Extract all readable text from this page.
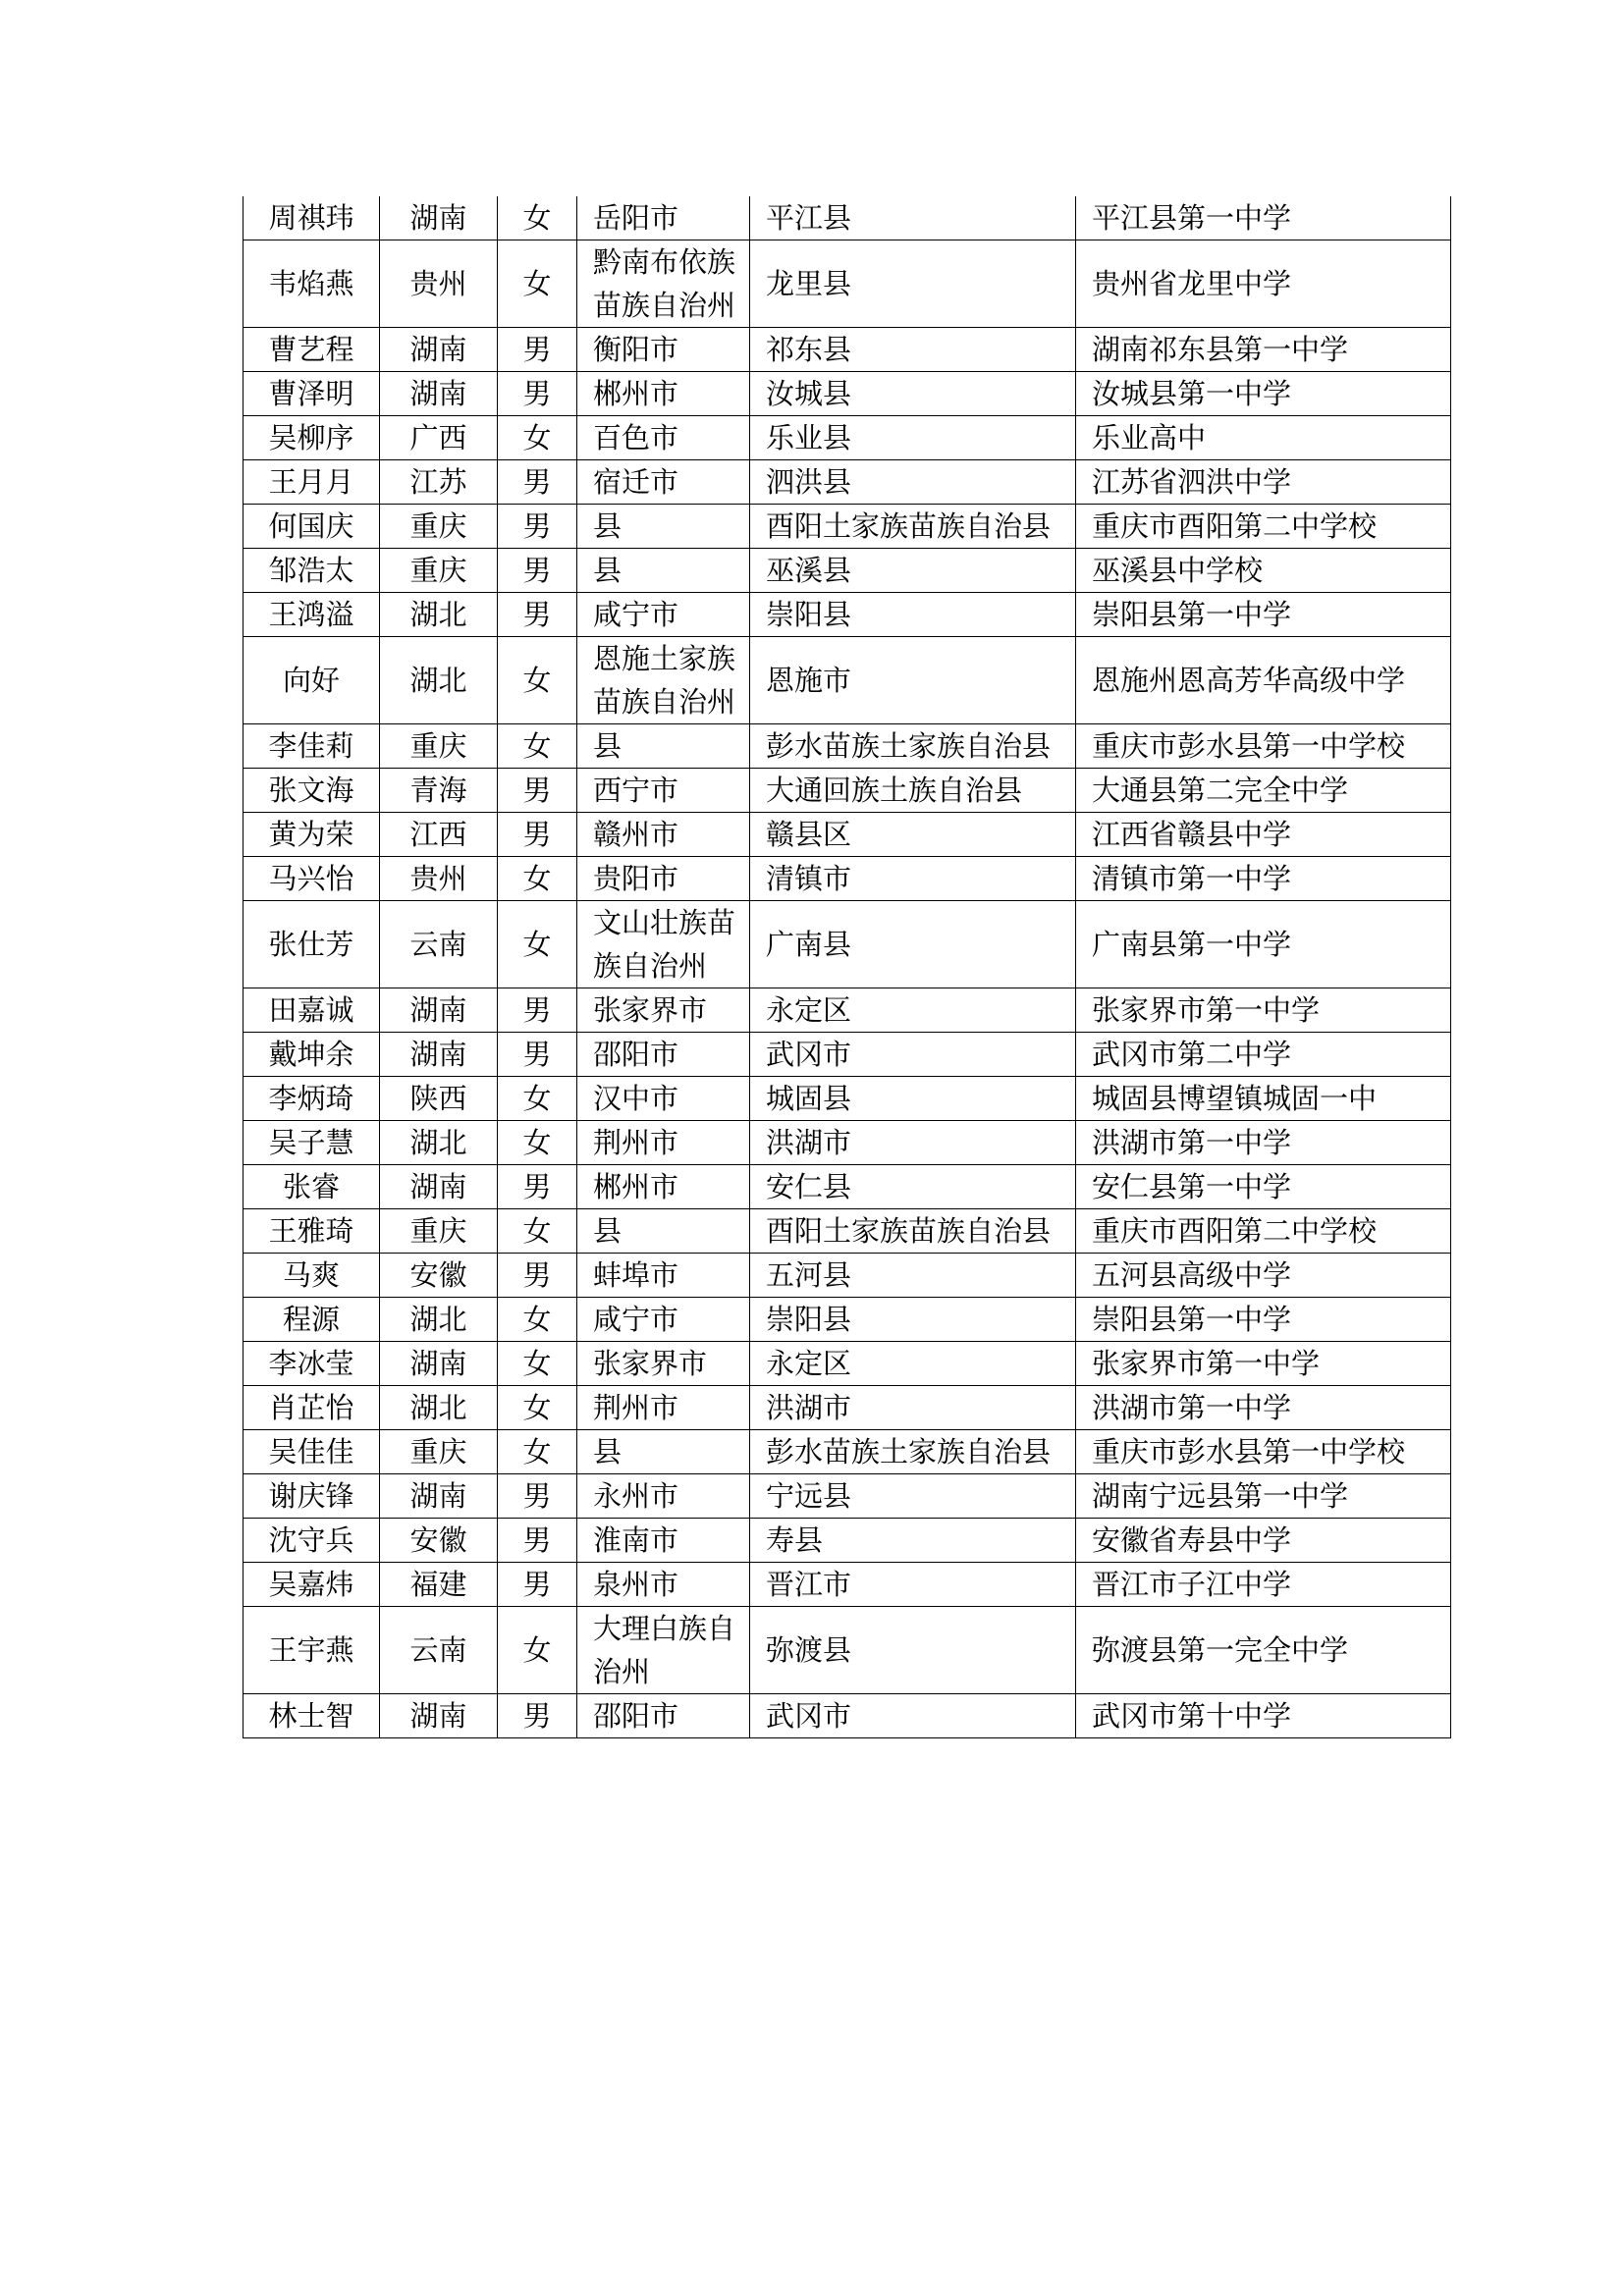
周祺玮	湖南	女	岳阳市	平江县	平江县第一中学
韦焰燕	贵州	女	黔南布依族苗族自治州	龙里县	贵州省龙里中学
曹艺程	湖南	男	衡阳市	祁东县	湖南祁东县第一中学
曹泽明	湖南	男	郴州市	汝城县	汝城县第一中学
吴柳序	广西	女	百色市	乐业县	乐业高中
王月月	江苏	男	宿迁市	泗洪县	江苏省泗洪中学
何国庆	重庆	男	县	酉阳土家族苗族自治县	重庆市酉阳第二中学校
邹浩太	重庆	男	县	巫溪县	巫溪县中学校
王鸿溢	湖北	男	咸宁市	崇阳县	崇阳县第一中学
向好	湖北	女	恩施土家族苗族自治州	恩施市	恩施州恩高芳华高级中学
李佳莉	重庆	女	县	彭水苗族土家族自治县	重庆市彭水县第一中学校
张文海	青海	男	西宁市	大通回族土族自治县	大通县第二完全中学
黄为荣	江西	男	赣州市	赣县区	江西省赣县中学
马兴怡	贵州	女	贵阳市	清镇市	清镇市第一中学
张仕芳	云南	女	文山壮族苗族自治州	广南县	广南县第一中学
田嘉诚	湖南	男	张家界市	永定区	张家界市第一中学
戴坤余	湖南	男	邵阳市	武冈市	武冈市第二中学
李炳琦	陕西	女	汉中市	城固县	城固县博望镇城固一中
吴子慧	湖北	女	荆州市	洪湖市	洪湖市第一中学
张睿	湖南	男	郴州市	安仁县	安仁县第一中学
王雅琦	重庆	女	县	酉阳土家族苗族自治县	重庆市酉阳第二中学校
马爽	安徽	男	蚌埠市	五河县	五河县高级中学
程源	湖北	女	咸宁市	崇阳县	崇阳县第一中学
李冰莹	湖南	女	张家界市	永定区	张家界市第一中学
肖芷怡	湖北	女	荆州市	洪湖市	洪湖市第一中学
吴佳佳	重庆	女	县	彭水苗族土家族自治县	重庆市彭水县第一中学校
谢庆锋	湖南	男	永州市	宁远县	湖南宁远县第一中学
沈守兵	安徽	男	淮南市	寿县	安徽省寿县中学
吴嘉炜	福建	男	泉州市	晋江市	晋江市子江中学
王宇燕	云南	女	大理白族自治州	弥渡县	弥渡县第一完全中学
林士智	湖南	男	邵阳市	武冈市	武冈市第十中学
